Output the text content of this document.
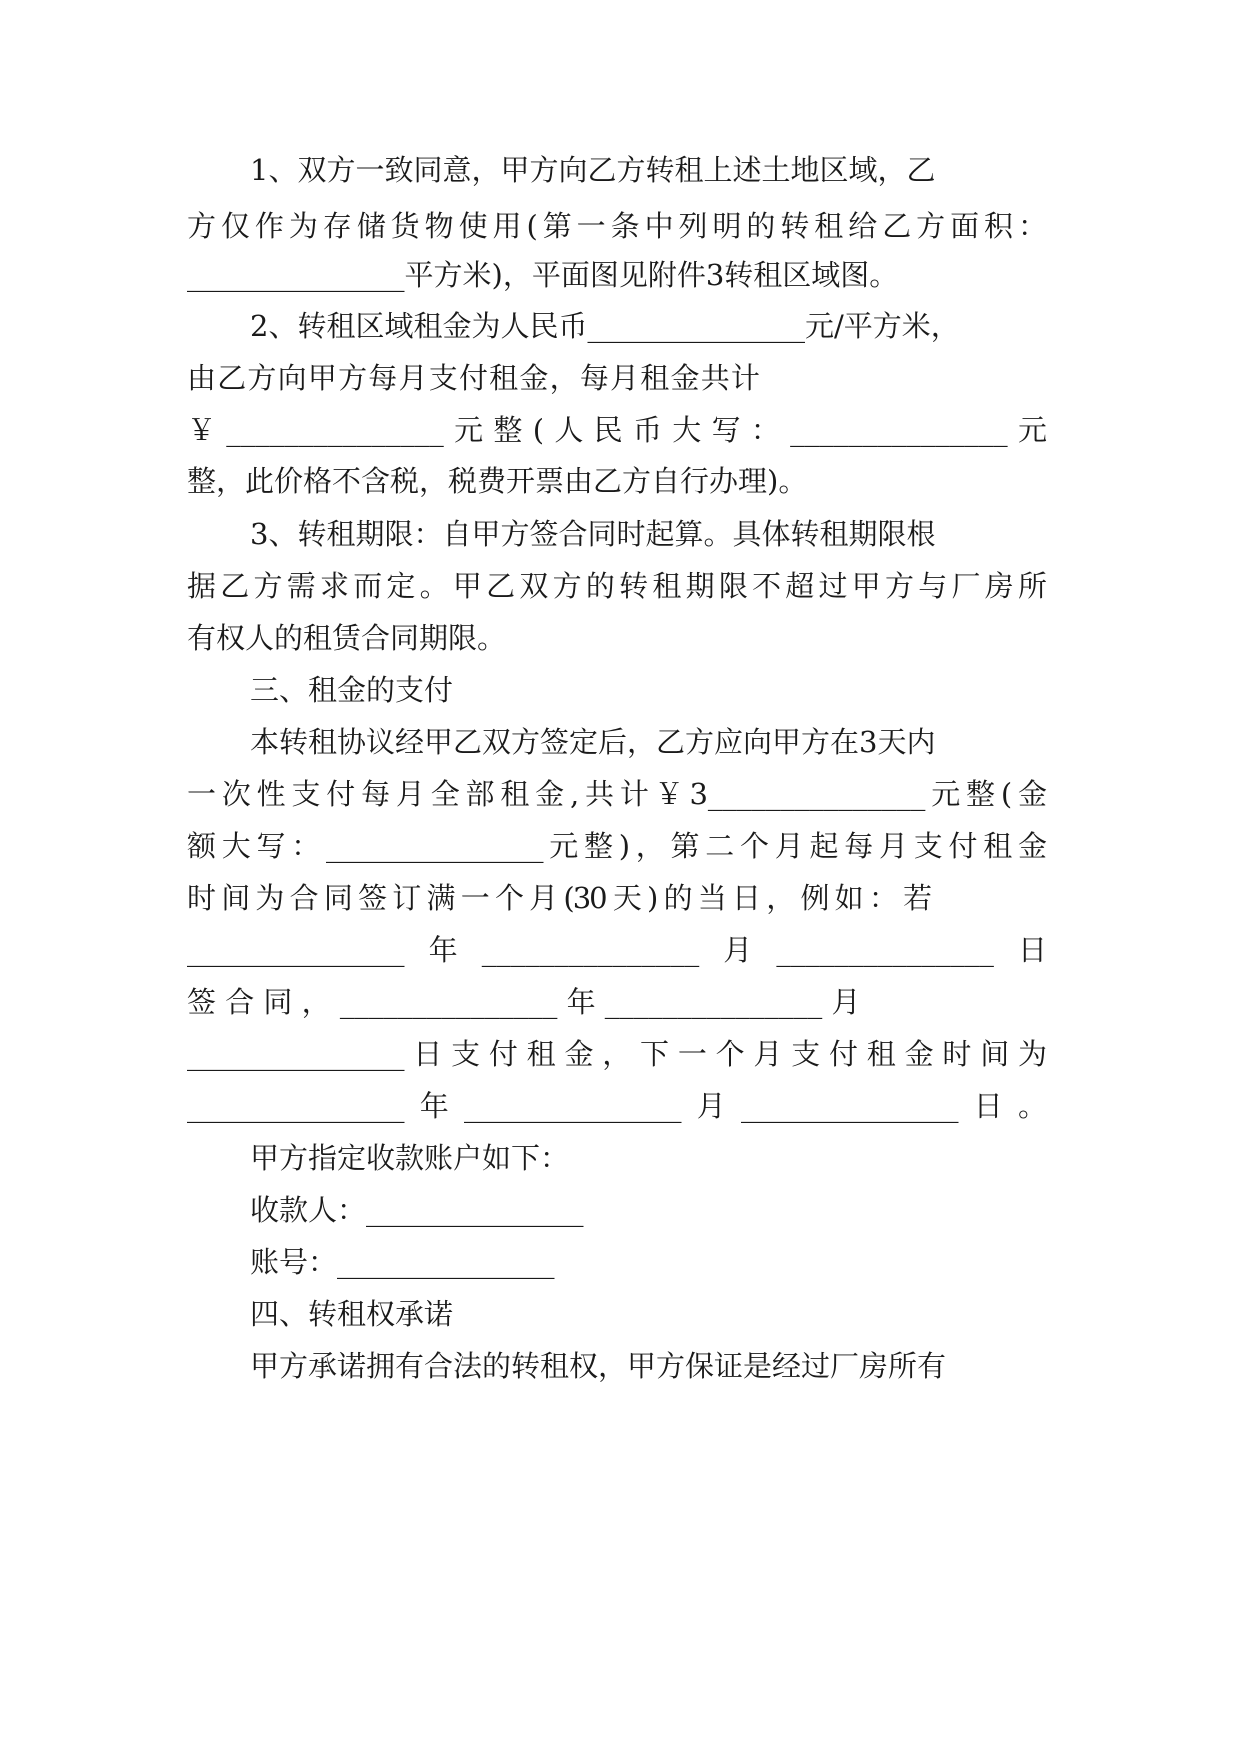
1、双方一致同意，甲方向乙方转租上述土地区域，乙
方仅作为存储货物使用(第一条中列明的转租给乙方面积：
_______________平方米)，平面图见附件3转租区域图。
2、转租区域租金为人民币_______________元/平方米，
由 乙 方 向 甲 方 每 月 支 付 租 金 ， 每 月 租 金 共 计
￥_______________元整(人民币大写：_______________元
整，此价格不含税，税费开票由乙方自行办理)。
3、转租期限：自甲方签合同时起算。具体转租期限根
据乙方需求而定。甲乙双方的转租期限不超过甲方与厂房所
有权人的租赁合同期限。
三、租金的支付
本转租协议经甲乙双方签定后，乙方应向甲方在3天内
一次性支付每月全部租金,共计￥3_______________元整(金
额大写：_______________元整)，第二个月起每月支付租金
时 间 为 合 同 签 订 满 一 个 月 (30 天 ) 的 当 日 ， 例 如 ： 若
_______________年_______________月_______________日
签 合 同 ， _______________ 年 _______________ 月
_______________日支付租金，下一个月支付租金时间为
_______________年_______________月_______________日。
甲方指定收款账户如下：
收款人：_______________
账号：_______________
四、转租权承诺
甲方承诺拥有合法的转租权，甲方保证是经过厂房所有
